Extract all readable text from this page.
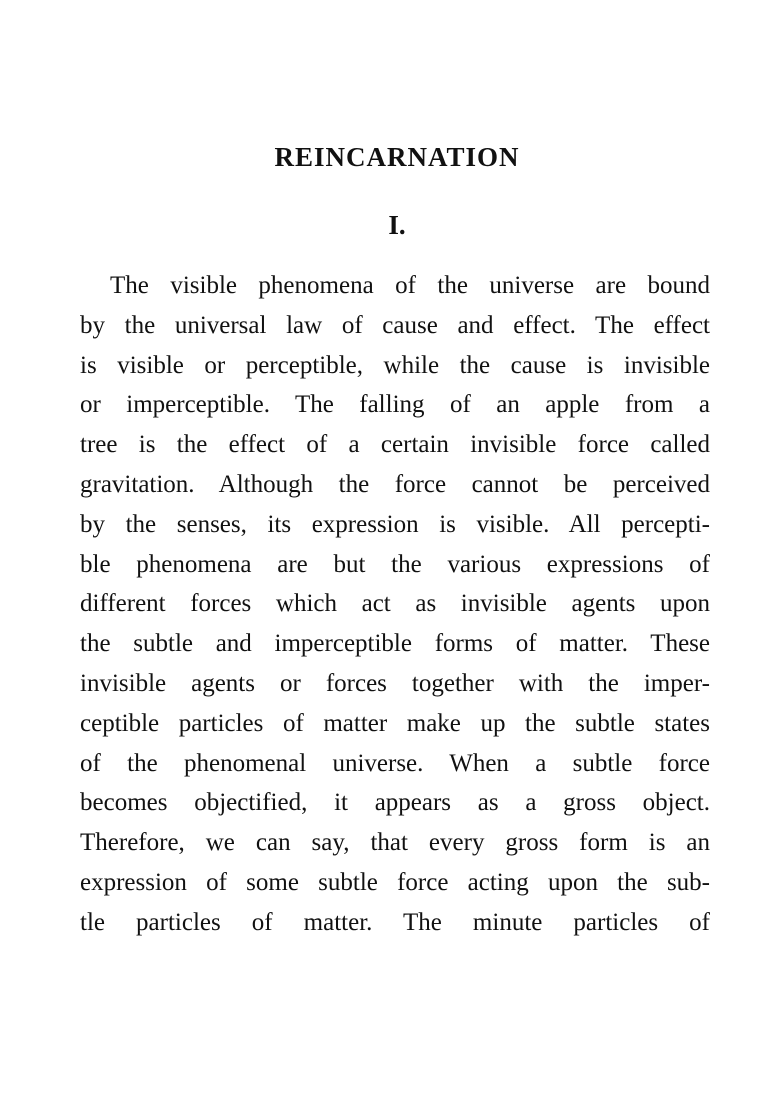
REINCARNATION
I.
The visible phenomena of the universe are bound
by the universal law of cause and effect. The effect
is visible or perceptible, while the cause is invisible
or imperceptible. The falling of an apple from a
tree is the effect of a certain invisible force called
gravitation. Although the force cannot be perceived
by the senses, its expression is visible. All percepti-
ble phenomena are but the various expressions of
different forces which act as invisible agents upon
the subtle and imperceptible forms of matter. These
invisible agents or forces together with the imper-
ceptible particles of matter make up the subtle states
of the phenomenal universe. When a subtle force
becomes objectified, it appears as a gross object.
Therefore, we can say, that every gross form is an
expression of some subtle force acting upon the sub-
tle particles of matter. The minute particles of
